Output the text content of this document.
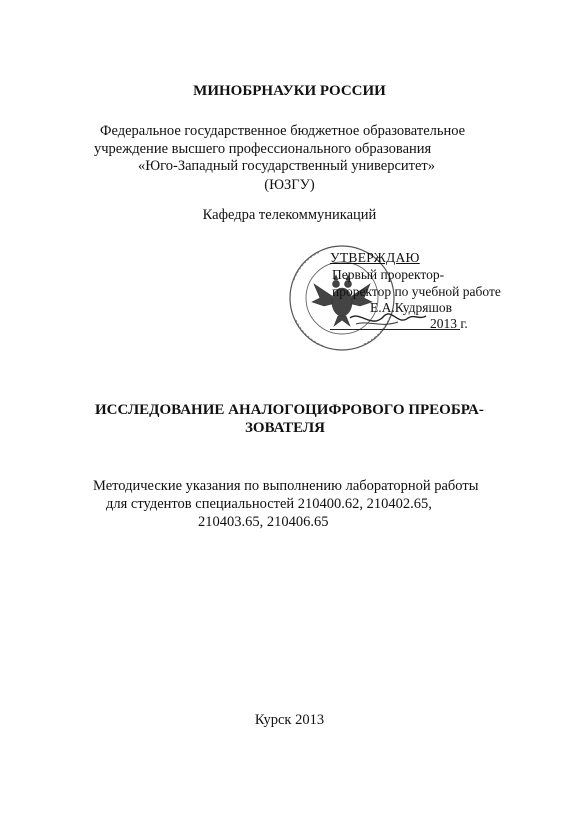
МИНОБРНАУКИ РОССИИ
Федеральное государственное бюджетное образовательное
учреждение высшего профессионального образования
«Юго-Западный государственный университет»
(ЮЗГУ)
Кафедра телекоммуникаций
УТВЕРЖДАЮ
Первый проректор-
проректор по учебной работе
Е.А.Кудряшов
2013 г.
ИССЛЕДОВАНИЕ АНАЛОГОЦИФРОВОГО ПРЕОБРА-
ЗОВАТЕЛЯ
Методические указания по выполнению лабораторной работы
для студентов специальностей 210400.62, 210402.65,
210403.65, 210406.65
Курск 2013
